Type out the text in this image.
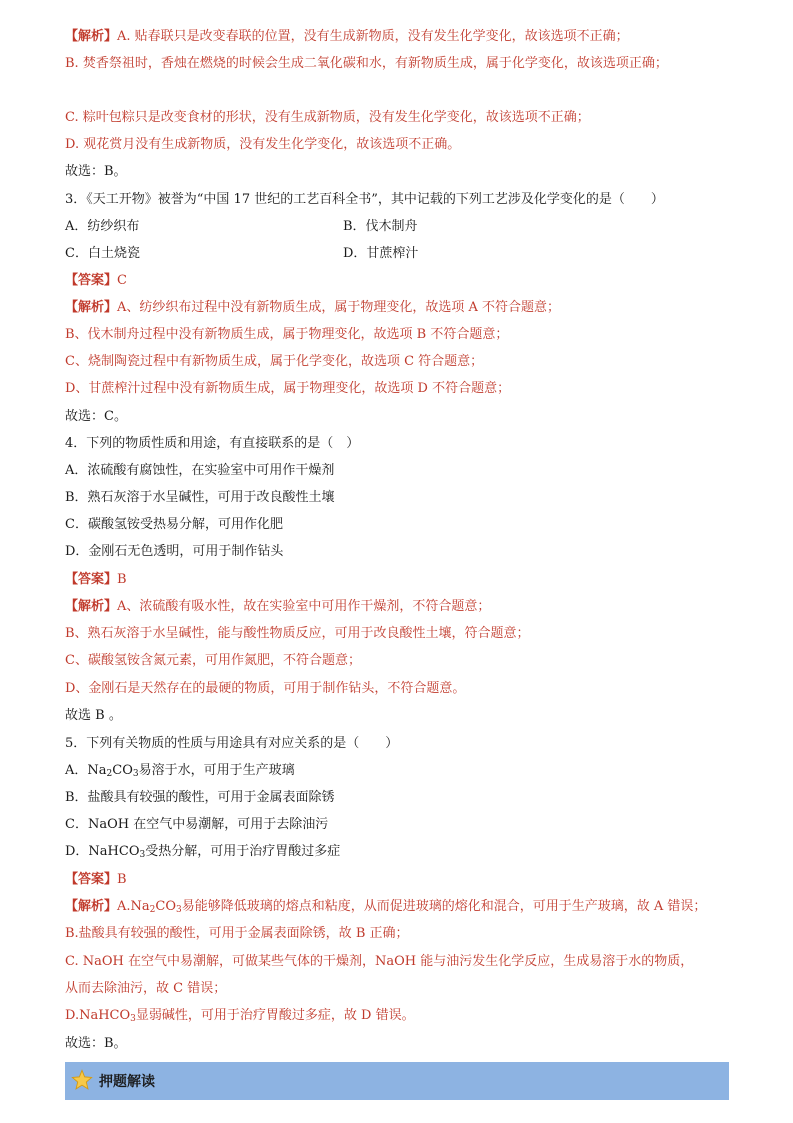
【解析】A. 贴春联只是改变春联的位置，没有生成新物质，没有发生化学变化，故该选项不正确；
B. 焚香祭祖时，香烛在燃烧的时候会生成二氧化碳和水，有新物质生成，属于化学变化，故该选项正确；
C. 粽叶包粽只是改变食材的形状，没有生成新物质，没有发生化学变化，故该选项不正确；
D. 观花赏月没有生成新物质，没有发生化学变化，故该选项不正确。
故选：B。
3．《天工开物》被誉为“中国 17 世纪的工艺百科全书”，其中记载的下列工艺涉及化学变化的是（　　）
A．纺纱织布	B．伐木制舟
C．白土烧瓷	D．甘蔗榨汁
【答案】C
【解析】A、纺纱织布过程中没有新物质生成，属于物理变化，故选项 A 不符合题意；
B、伐木制舟过程中没有新物质生成，属于物理变化，故选项 B 不符合题意；
C、烧制陶瓷过程中有新物质生成，属于化学变化，故选项 C 符合题意；
D、甘蔗榨汁过程中没有新物质生成，属于物理变化，故选项 D 不符合题意；
故选：C。
4．下列的物质性质和用途，有直接联系的是（　）
A．浓硫酸有腐蚀性，在实验室中可用作干燥剂
B．熟石灰溶于水呈碱性，可用于改良酸性土壤
C．碳酸氢铵受热易分解，可用作化肥
D．金刚石无色透明，可用于制作钻头
【答案】B
【解析】A、浓硫酸有吸水性，故在实验室中可用作干燥剂，不符合题意；
B、熟石灰溶于水呈碱性，能与酸性物质反应，可用于改良酸性土壤，符合题意；
C、碳酸氢铵含氮元素，可用作氮肥，不符合题意；
D、金刚石是天然存在的最硬的物质，可用于制作钻头，不符合题意。
故选 B 。
5．下列有关物质的性质与用途具有对应关系的是（　　）
A．$Na_2CO_3$易溶于水，可用于生产玻璃
B．盐酸具有较强的酸性，可用于金属表面除锈
C．NaOH 在空气中易潮解，可用于去除油污
D．NaHCO$_3$受热分解，可用于治疗胃酸过多症
【答案】B
【解析】$A.Na_2CO_3$易能够降低玻璃的熔点和粘度，从而促进玻璃的熔化和混合，可用于生产玻璃，故 A 错误；
B.盐酸具有较强的酸性，可用于金属表面除锈，故 B 正确；
C. NaOH 在空气中易潮解，可做某些气体的干燥剂，NaOH 能与油污发生化学反应，生成易溶于水的物质，
从而去除油污，故 C 错误；
D.NaHCO$_3$显弱碱性，可用于治疗胃酸过多症，故 D 错误。
故选：B。
押题解读
